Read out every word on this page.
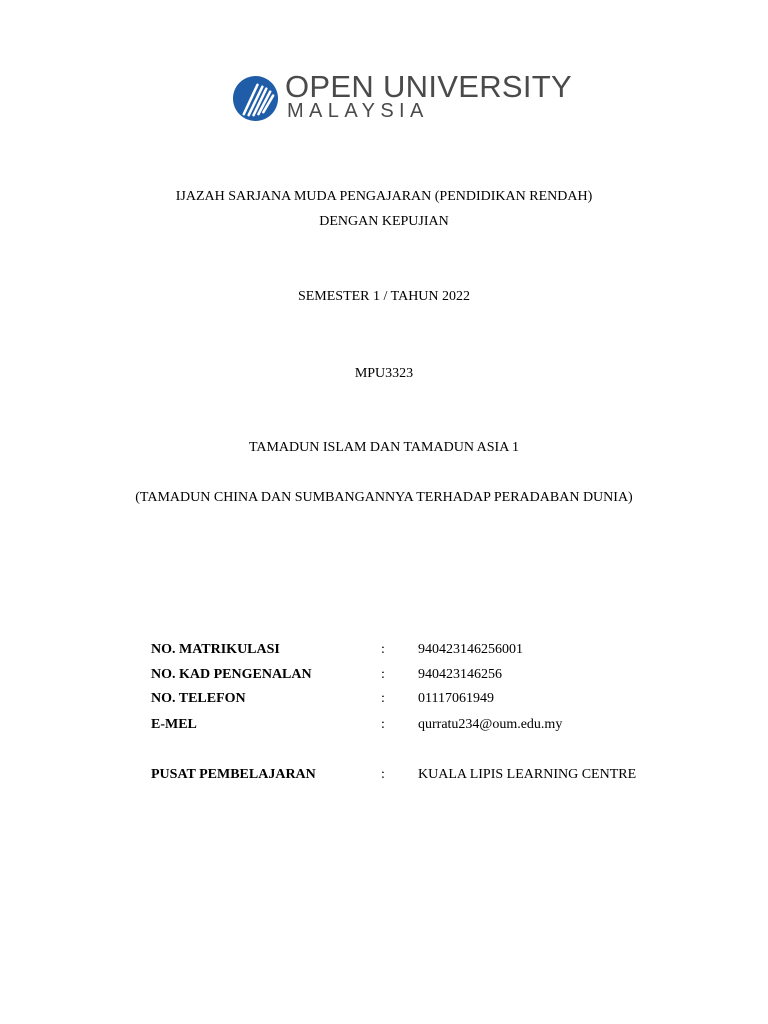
OPEN UNIVERSITY
MALAYSIA
IJAZAH SARJANA MUDA PENGAJARAN (PENDIDIKAN RENDAH)
DENGAN KEPUJIAN
SEMESTER 1 / TAHUN 2022
MPU3323
TAMADUN ISLAM DAN TAMADUN ASIA 1
(TAMADUN CHINA DAN SUMBANGANNYA TERHADAP PERADABAN DUNIA)
NO. MATRIKULASI	: 940423146256001
NO. KAD PENGENALAN	: 940423146256
NO. TELEFON	: 01117061949
E-MEL	: qurratu234@oum.edu.my
PUSAT PEMBELAJARAN	: KUALA LIPIS LEARNING CENTRE
